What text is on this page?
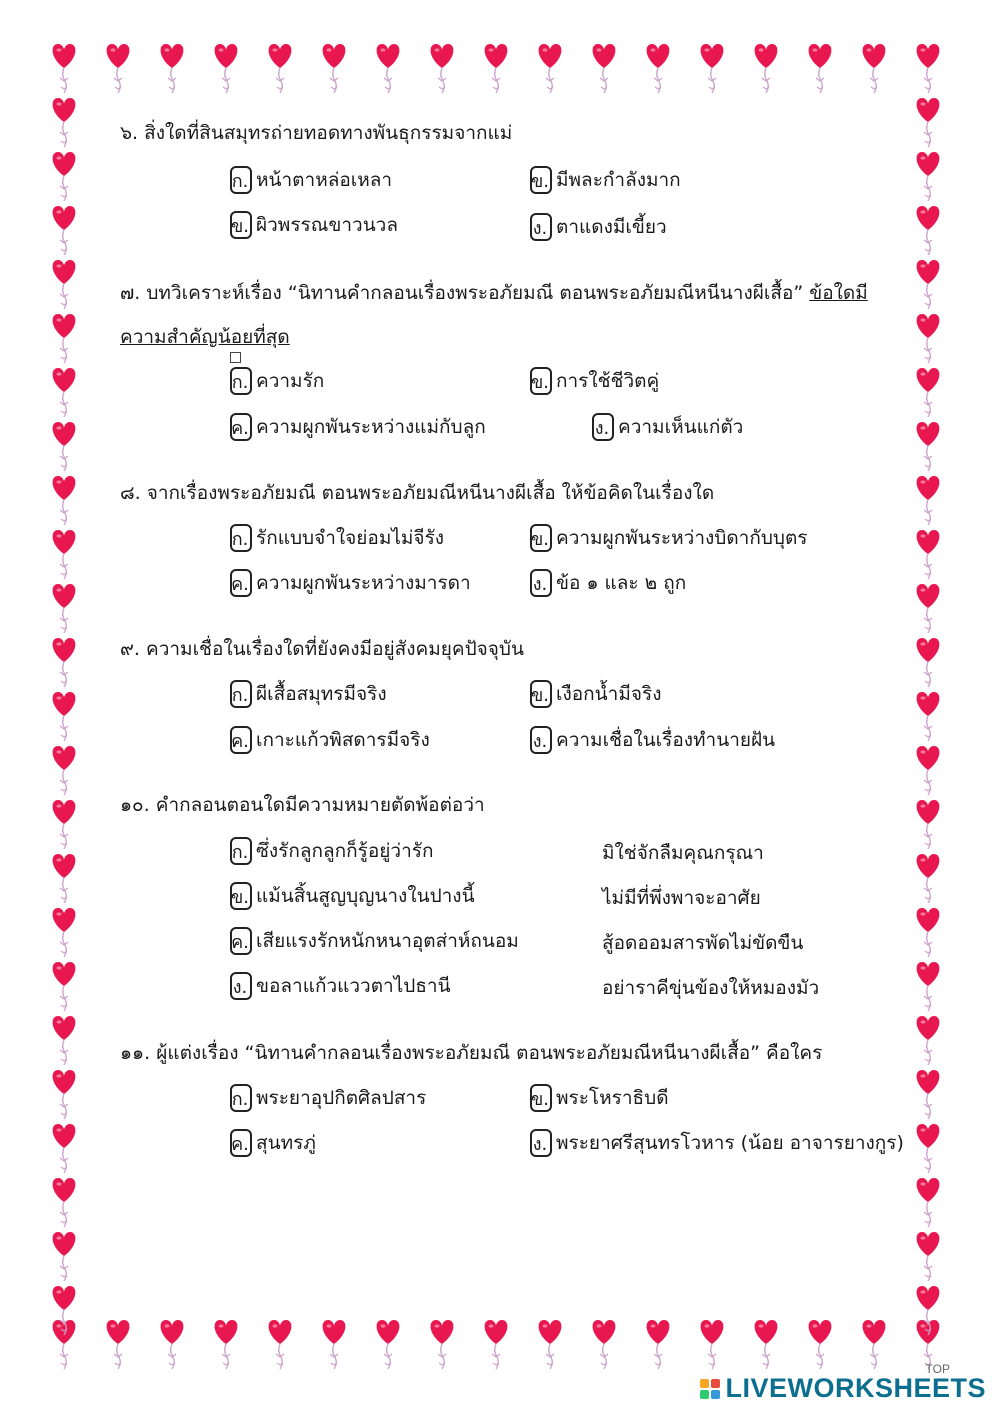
๖. สิ่งใดที่สินสมุทรถ่ายทอดทางพันธุกรรมจากแม่
ก. หน้าตาหล่อเหลา	ข. มีพละกำลังมาก
ข. ผิวพรรณขาวนวล	ง. ตาแดงมีเขี้ยว
๗. บทวิเคราะห์เรื่อง “นิทานคำกลอนเรื่องพระอภัยมณี ตอนพระอภัยมณีหนีนางผีเสื้อ” ข้อใดมี
ความสำคัญน้อยที่สุด
ก. ความรัก	ข. การใช้ชีวิตคู่
ค. ความผูกพันระหว่างแม่กับลูก	ง. ความเห็นแก่ตัว
๘. จากเรื่องพระอภัยมณี ตอนพระอภัยมณีหนีนางผีเสื้อ ให้ข้อคิดในเรื่องใด
ก. รักแบบจำใจย่อมไม่จีรัง	ข. ความผูกพันระหว่างบิดากับบุตร
ค. ความผูกพันระหว่างมารดา	ง. ข้อ ๑ และ ๒ ถูก
๙. ความเชื่อในเรื่องใดที่ยังคงมีอยู่สังคมยุคปัจจุบัน
ก. ผีเสื้อสมุทรมีจริง	ข. เงือกน้ำมีจริง
ค. เกาะแก้วพิสดารมีจริง	ง. ความเชื่อในเรื่องทำนายฝัน
๑๐. คำกลอนตอนใดมีความหมายตัดพ้อต่อว่า
ก. ซึ่งรักลูกลูกก็รู้อยู่ว่ารัก	มิใช่จักลืมคุณกรุณา
ข. แม้นสิ้นสูญบุญนางในปางนี้	ไม่มีที่พึ่งพาจะอาศัย
ค. เสียแรงรักหนักหนาอุตส่าห์ถนอม	สู้อดออมสารพัดไม่ขัดขืน
ง. ขอลาแก้วแววตาไปธานี	อย่าราคีขุ่นข้องให้หมองมัว
๑๑. ผู้แต่งเรื่อง “นิทานคำกลอนเรื่องพระอภัยมณี ตอนพระอภัยมณีหนีนางผีเสื้อ” คือใคร
ก. พระยาอุปกิตศิลปสาร	ข. พระโหราธิบดี
ค. สุนทรภู่	ง. พระยาศรีสุนทรโวหาร (น้อย อาจารยางกูร)
TOP
LIVEWORKSHEETS
